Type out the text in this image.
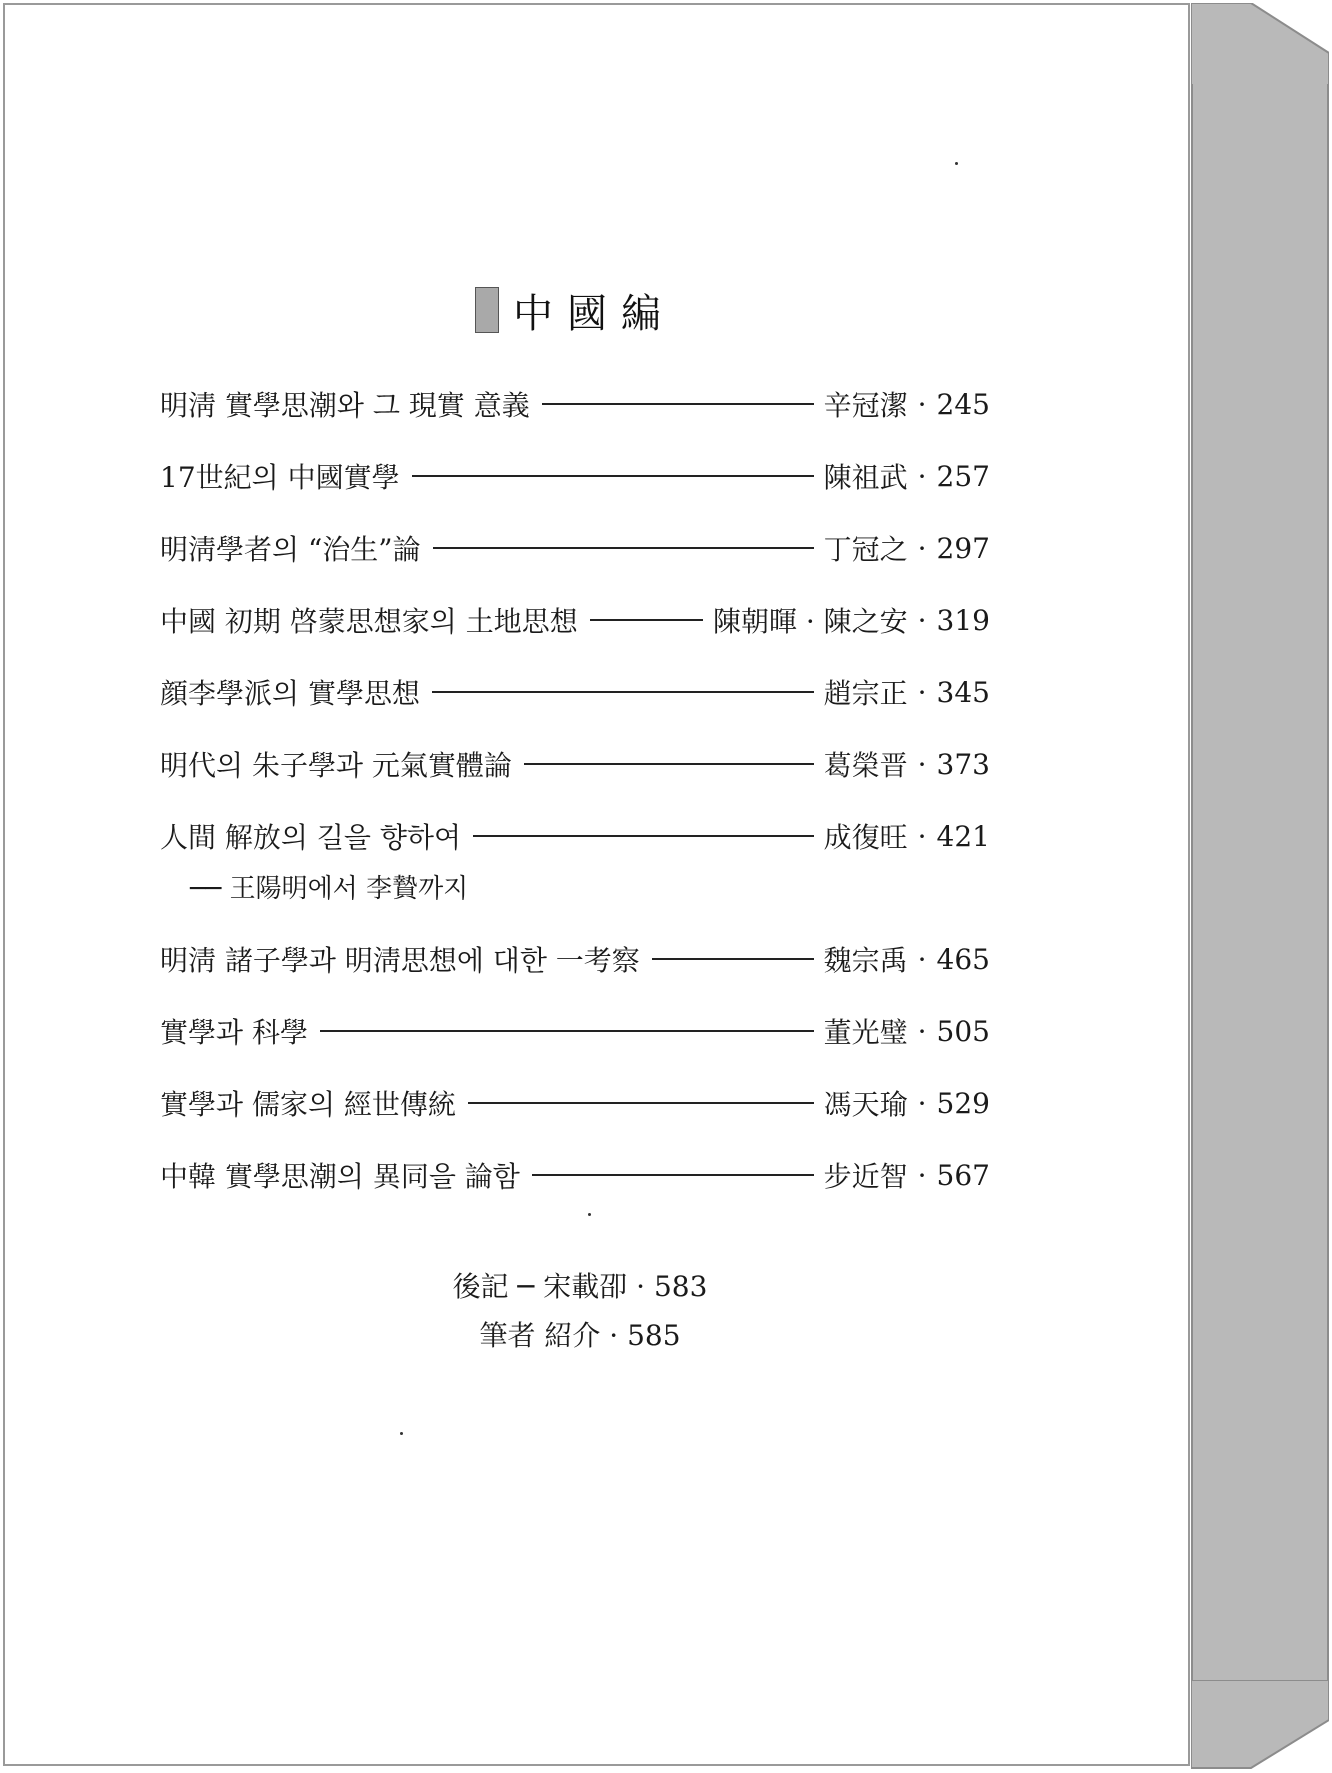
中國編
明淸 實學思潮와 그 現實 意義	辛冠潔 · 245
17世紀의 中國實學	陳祖武 · 257
明淸學者의 “治生”論	丁冠之 · 297
中國 初期 啓蒙思想家의 土地思想	陳朝暉 · 陳之安 · 319
顔李學派의 實學思想	趙宗正 · 345
明代의 朱子學과 元氣實體論	葛榮晋 · 373
人間 解放의 길을 향하여	成復旺 · 421
── 王陽明에서 李贄까지
明淸 諸子學과 明淸思想에 대한 一考察	魏宗禹 · 465
實學과 科學	董光璧 · 505
實學과 儒家의 經世傳統	馮天瑜 · 529
中韓 實學思潮의 異同을 論함	步近智 · 567
後記 ─ 宋載卲 · 583
筆者 紹介 · 585
